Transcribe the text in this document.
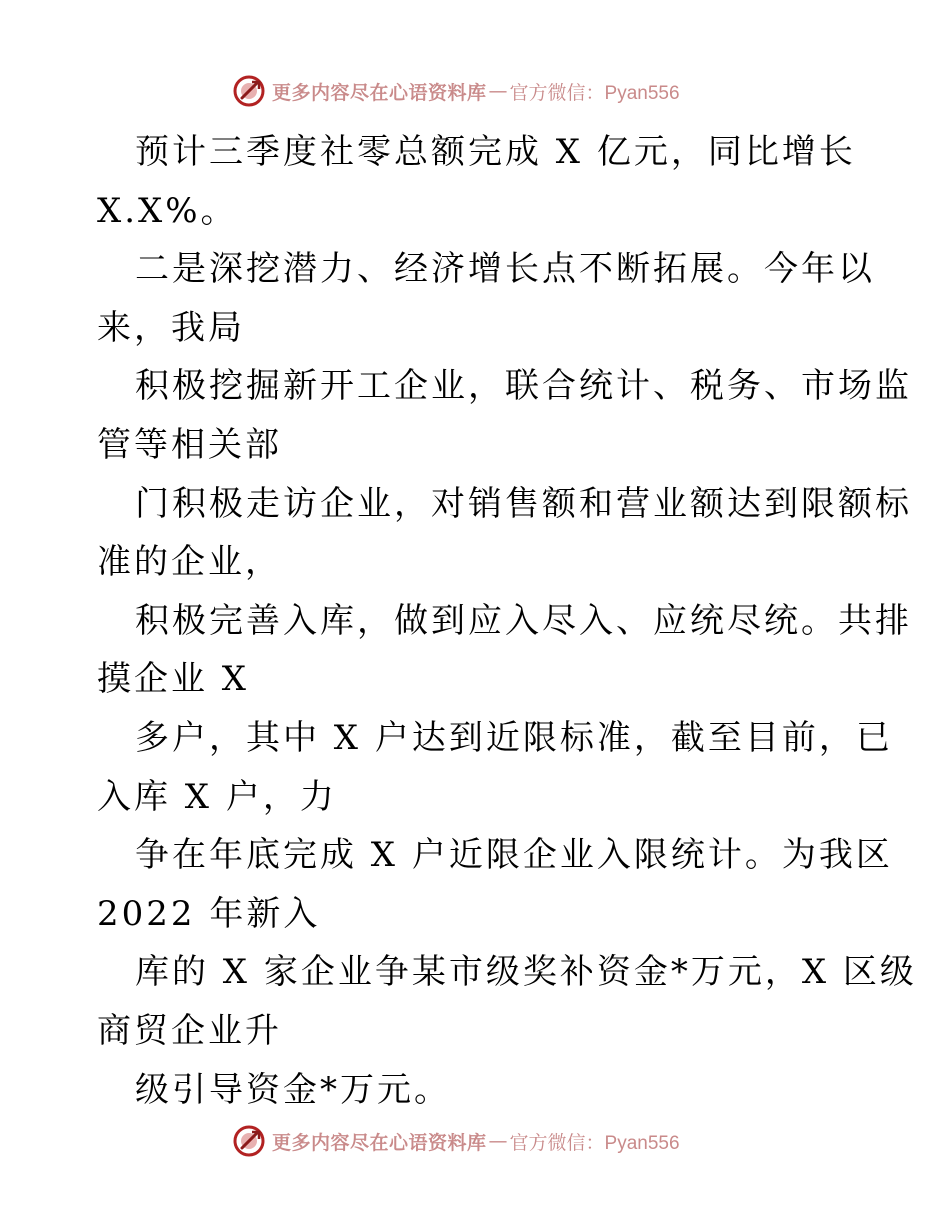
更多内容尽在心语资料库 — 官方微信：Pyan556
预计三季度社零总额完成 X 亿元，同比增长
X.X%。
二是深挖潜力、经济增长点不断拓展。今年以
来，我局
积极挖掘新开工企业，联合统计、税务、市场监
管等相关部
门积极走访企业，对销售额和营业额达到限额标
准的企业，
积极完善入库，做到应入尽入、应统尽统。共排
摸企业 X
多户，其中 X 户达到近限标准，截至目前，已
入库 X 户，力
争在年底完成 X 户近限企业入限统计。为我区
2022 年新入
库的 X 家企业争某市级奖补资金*万元，X 区级
商贸企业升
级引导资金*万元。
更多内容尽在心语资料库 — 官方微信：Pyan556
